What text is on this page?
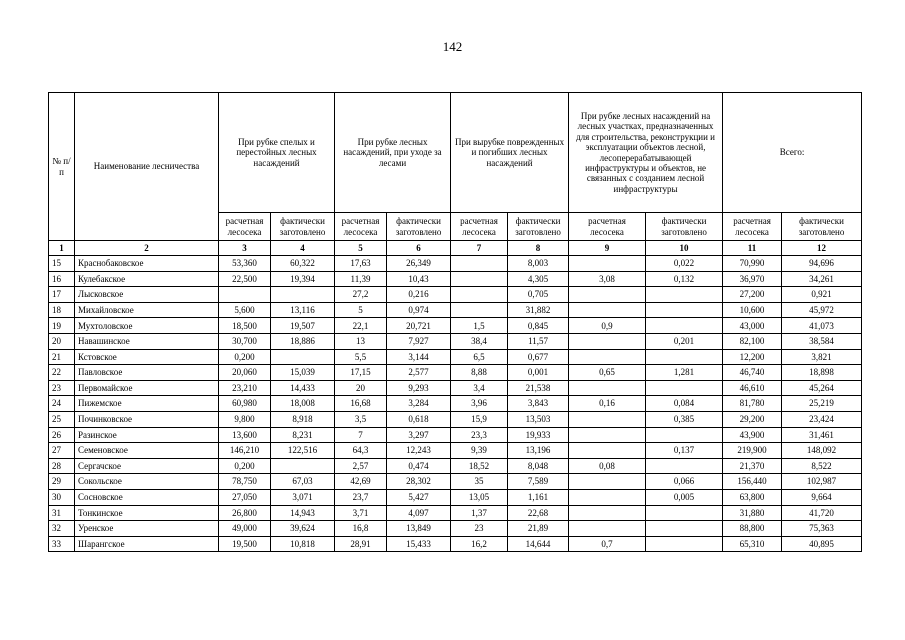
142
№ п/п	Наименование лесничества	При рубке спелых и перестойных лесных насаждений		При рубке лесных насаждений, при уходе за лесами		При вырубке поврежденных и погибших лесных насаждений		При рубке лесных насаждений на лесных участках, предназначенных для строительства, реконструкции и эксплуатации объектов лесной, лесоперерабатывающей инфраструктуры и объектов, не связанных с созданием лесной инфраструктуры		Всего:	
		расчетная лесосека	фактически заготовлено	расчетная лесосека	фактически заготовлено	расчетная лесосека	фактически заготовлено	расчетная лесосека	фактически заготовлено	расчетная лесосека	фактически заготовлено
1	2	3	4	5	6	7	8	9	10	11	12
15	Краснобаковское	53,360	60,322	17,63	26,349		8,003		0,022	70,990	94,696
16	Кулебакское	22,500	19,394	11,39	10,43		4,305	3,08	0,132	36,970	34,261
17	Лысковское			27,2	0,216		0,705			27,200	0,921
18	Михайловское	5,600	13,116	5	0,974		31,882			10,600	45,972
19	Мухтоловское	18,500	19,507	22,1	20,721	1,5	0,845	0,9		43,000	41,073
20	Навашинское	30,700	18,886	13	7,927	38,4	11,57		0,201	82,100	38,584
21	Кстовское	0,200		5,5	3,144	6,5	0,677			12,200	3,821
22	Павловское	20,060	15,039	17,15	2,577	8,88	0,001	0,65	1,281	46,740	18,898
23	Первомайское	23,210	14,433	20	9,293	3,4	21,538			46,610	45,264
24	Пижемское	60,980	18,008	16,68	3,284	3,96	3,843	0,16	0,084	81,780	25,219
25	Починковское	9,800	8,918	3,5	0,618	15,9	13,503		0,385	29,200	23,424
26	Разинское	13,600	8,231	7	3,297	23,3	19,933			43,900	31,461
27	Семеновское	146,210	122,516	64,3	12,243	9,39	13,196		0,137	219,900	148,092
28	Сергачское	0,200		2,57	0,474	18,52	8,048	0,08		21,370	8,522
29	Сокольское	78,750	67,03	42,69	28,302	35	7,589		0,066	156,440	102,987
30	Сосновское	27,050	3,071	23,7	5,427	13,05	1,161		0,005	63,800	9,664
31	Тонкинское	26,800	14,943	3,71	4,097	1,37	22,68			31,880	41,720
32	Уренское	49,000	39,624	16,8	13,849	23	21,89			88,800	75,363
33	Шарангское	19,500	10,818	28,91	15,433	16,2	14,644	0,7		65,310	40,895
